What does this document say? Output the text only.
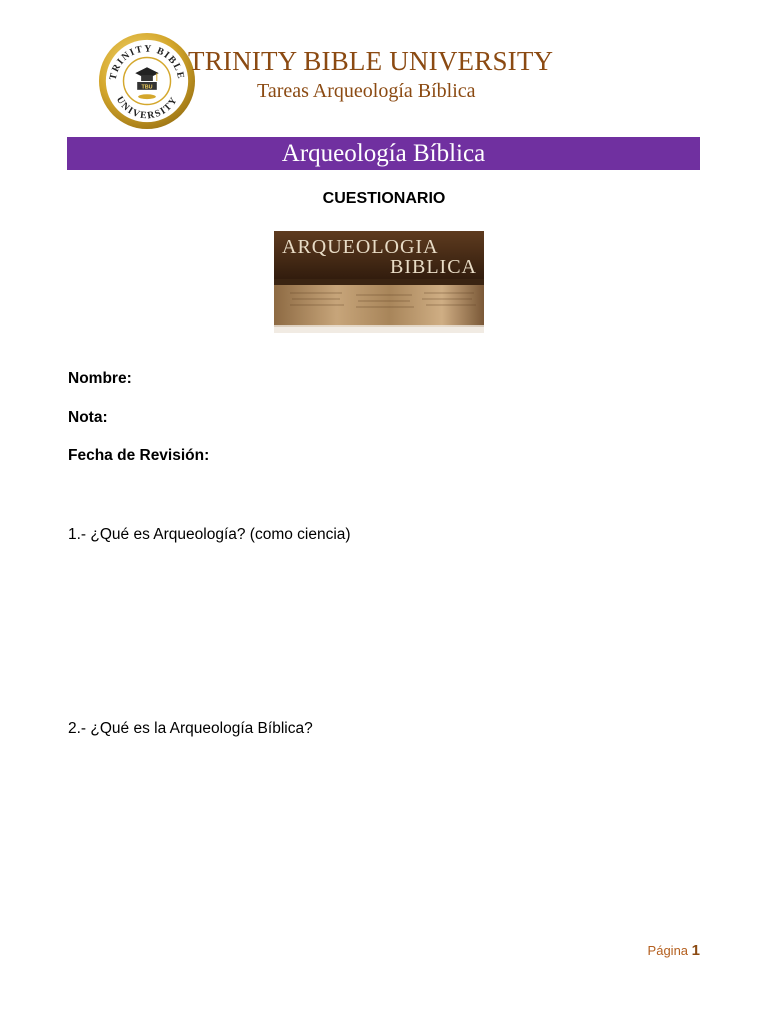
TRINITY BIBLE
UNIVERSITY
TBU
TRINITY BIBLE UNIVERSITY
Tareas Arqueología Bíblica
Arqueología Bíblica
CUESTIONARIO
ARQUEOLOGIA
BIBLICA
Nombre:
Nota:
Fecha de Revisión:
1.- ¿Qué es Arqueología? (como ciencia)
2.- ¿Qué es la Arqueología Bíblica?
Página 1
